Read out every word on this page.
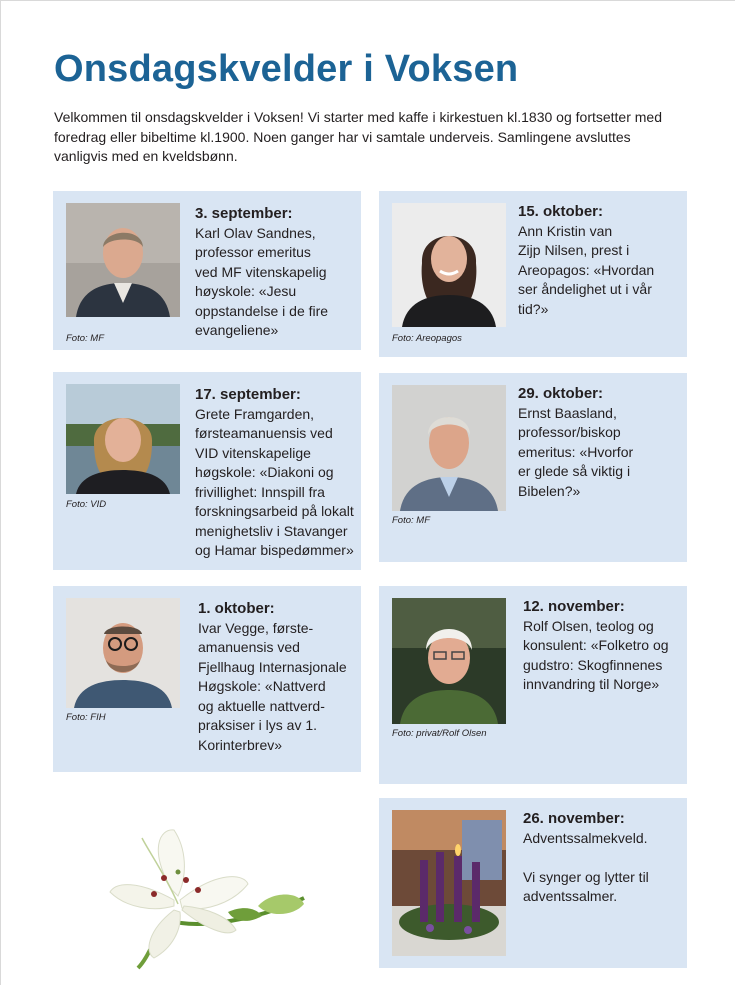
Onsdagskvelder i Voksen

Velkommen til onsdagskvelder i Voksen! Vi starter med kaffe i kirkestuen kl.1830 og fortsetter med foredrag eller bibeltime kl.1900. Noen ganger har vi samtale underveis. Samlingene avsluttes vanligvis med en kveldsbønn.

Foto: MF
3. september:
Karl Olav Sandnes,
professor emeritus
ved MF vitenskapelig
høyskole: «Jesu
oppstandelse i de fire
evangeliene»
Foto: Areopagos
15. oktober:
Ann Kristin van
Zijp Nilsen, prest i
Areopagos: «Hvordan
ser åndelighet ut i vår
tid?»
Foto: VID
17. september:
Grete Framgarden,
førsteamanuensis ved
VID vitenskapelige
høgskole: «Diakoni og
frivillighet: Innspill fra
forskningsarbeid på lokalt
menighetsliv i Stavanger
og Hamar bispedømmer»
Foto: MF
29. oktober:
Ernst Baasland,
professor/biskop
emeritus: «Hvorfor
er glede så viktig i
Bibelen?»
Foto: FIH
1. oktober:
Ivar Vegge, første-
amanuensis ved
Fjellhaug Internasjonale
Høgskole: «Nattverd
og aktuelle nattverd-
praksiser i lys av 1.
Korinterbrev»
Foto: privat/Rolf Olsen
12. november:
Rolf Olsen, teolog og
konsulent: «Folketro og
gudstro: Skogfinnenes
innvandring til Norge»
26. november:
Adventssalmekveld.

Vi synger og lytter til
adventssalmer.
